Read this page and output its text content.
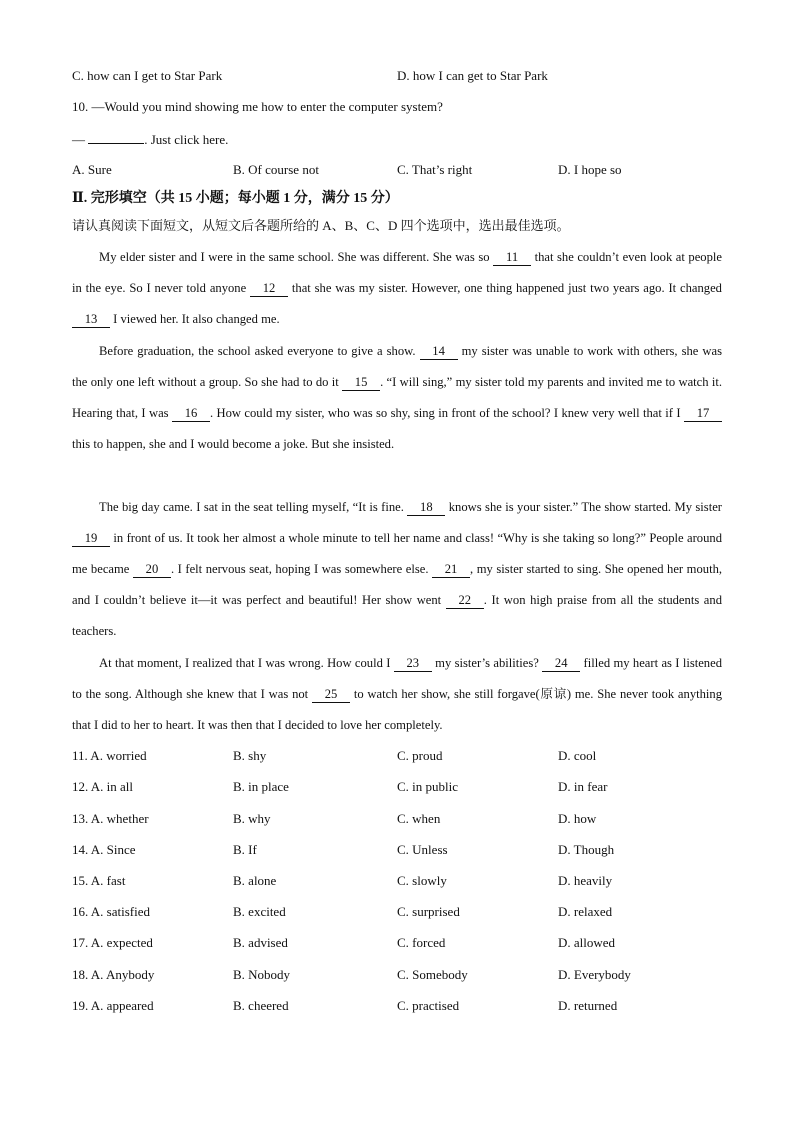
C. how can I get to Star Park	D. how I can get to Star Park
10. —Would you mind showing me how to enter the computer system?
—	. Just click here.
A. Sure	B. Of course not	C. That’s right	D. I hope so
Ⅱ. 完形填空（共 15 小题；每小题 1 分，满分 15 分）
请认真阅读下面短文，从短文后各题所给的 A、B、C、D 四个选项中，选出最佳选项。
My elder sister and I were in the same school. She was different. She was so 11 that she couldn’t even look at people in the eye. So I never told anyone 12 that she was my sister. However, one thing happened just two years ago. It changed 13 I viewed her. It also changed me.
Before graduation, the school asked everyone to give a show. 14 my sister was unable to work with others, she was the only one left without a group. So she had to do it 15 . “I will sing,” my sister told my parents and invited me to watch it. Hearing that, I was 16 . How could my sister, who was so shy, sing in front of the school? I knew very well that if I 17 this to happen, she and I would become a joke. But she insisted.
The big day came. I sat in the seat telling myself, “It is fine. 18 knows she is your sister.” The show started. My sister 19 in front of us. It took her almost a whole minute to tell her name and class! “Why is she taking so long?” People around me became 20 . I felt nervous seat, hoping I was somewhere else. 21 , my sister started to sing. She opened her mouth, and I couldn’t believe it—it was perfect and beautiful! Her show went 22 . It won high praise from all the students and teachers.
At that moment, I realized that I was wrong. How could I 23 my sister’s abilities? 24 filled my heart as I listened to the song. Although she knew that I was not 25 to watch her show, she still forgave(原谅) me. She never took anything that I did to her to heart. It was then that I decided to love her completely.
11. A. worried	B. shy	C. proud	D. cool
12. A. in all	B. in place	C. in public	D. in fear
13. A. whether	B. why	C. when	D. how
14. A. Since	B. If	C. Unless	D. Though
15. A. fast	B. alone	C. slowly	D. heavily
16. A. satisfied	B. excited	C. surprised	D. relaxed
17. A. expected	B. advised	C. forced	D. allowed
18. A. Anybody	B. Nobody	C. Somebody	D. Everybody
19. A. appeared	B. cheered	C. practised	D. returned
